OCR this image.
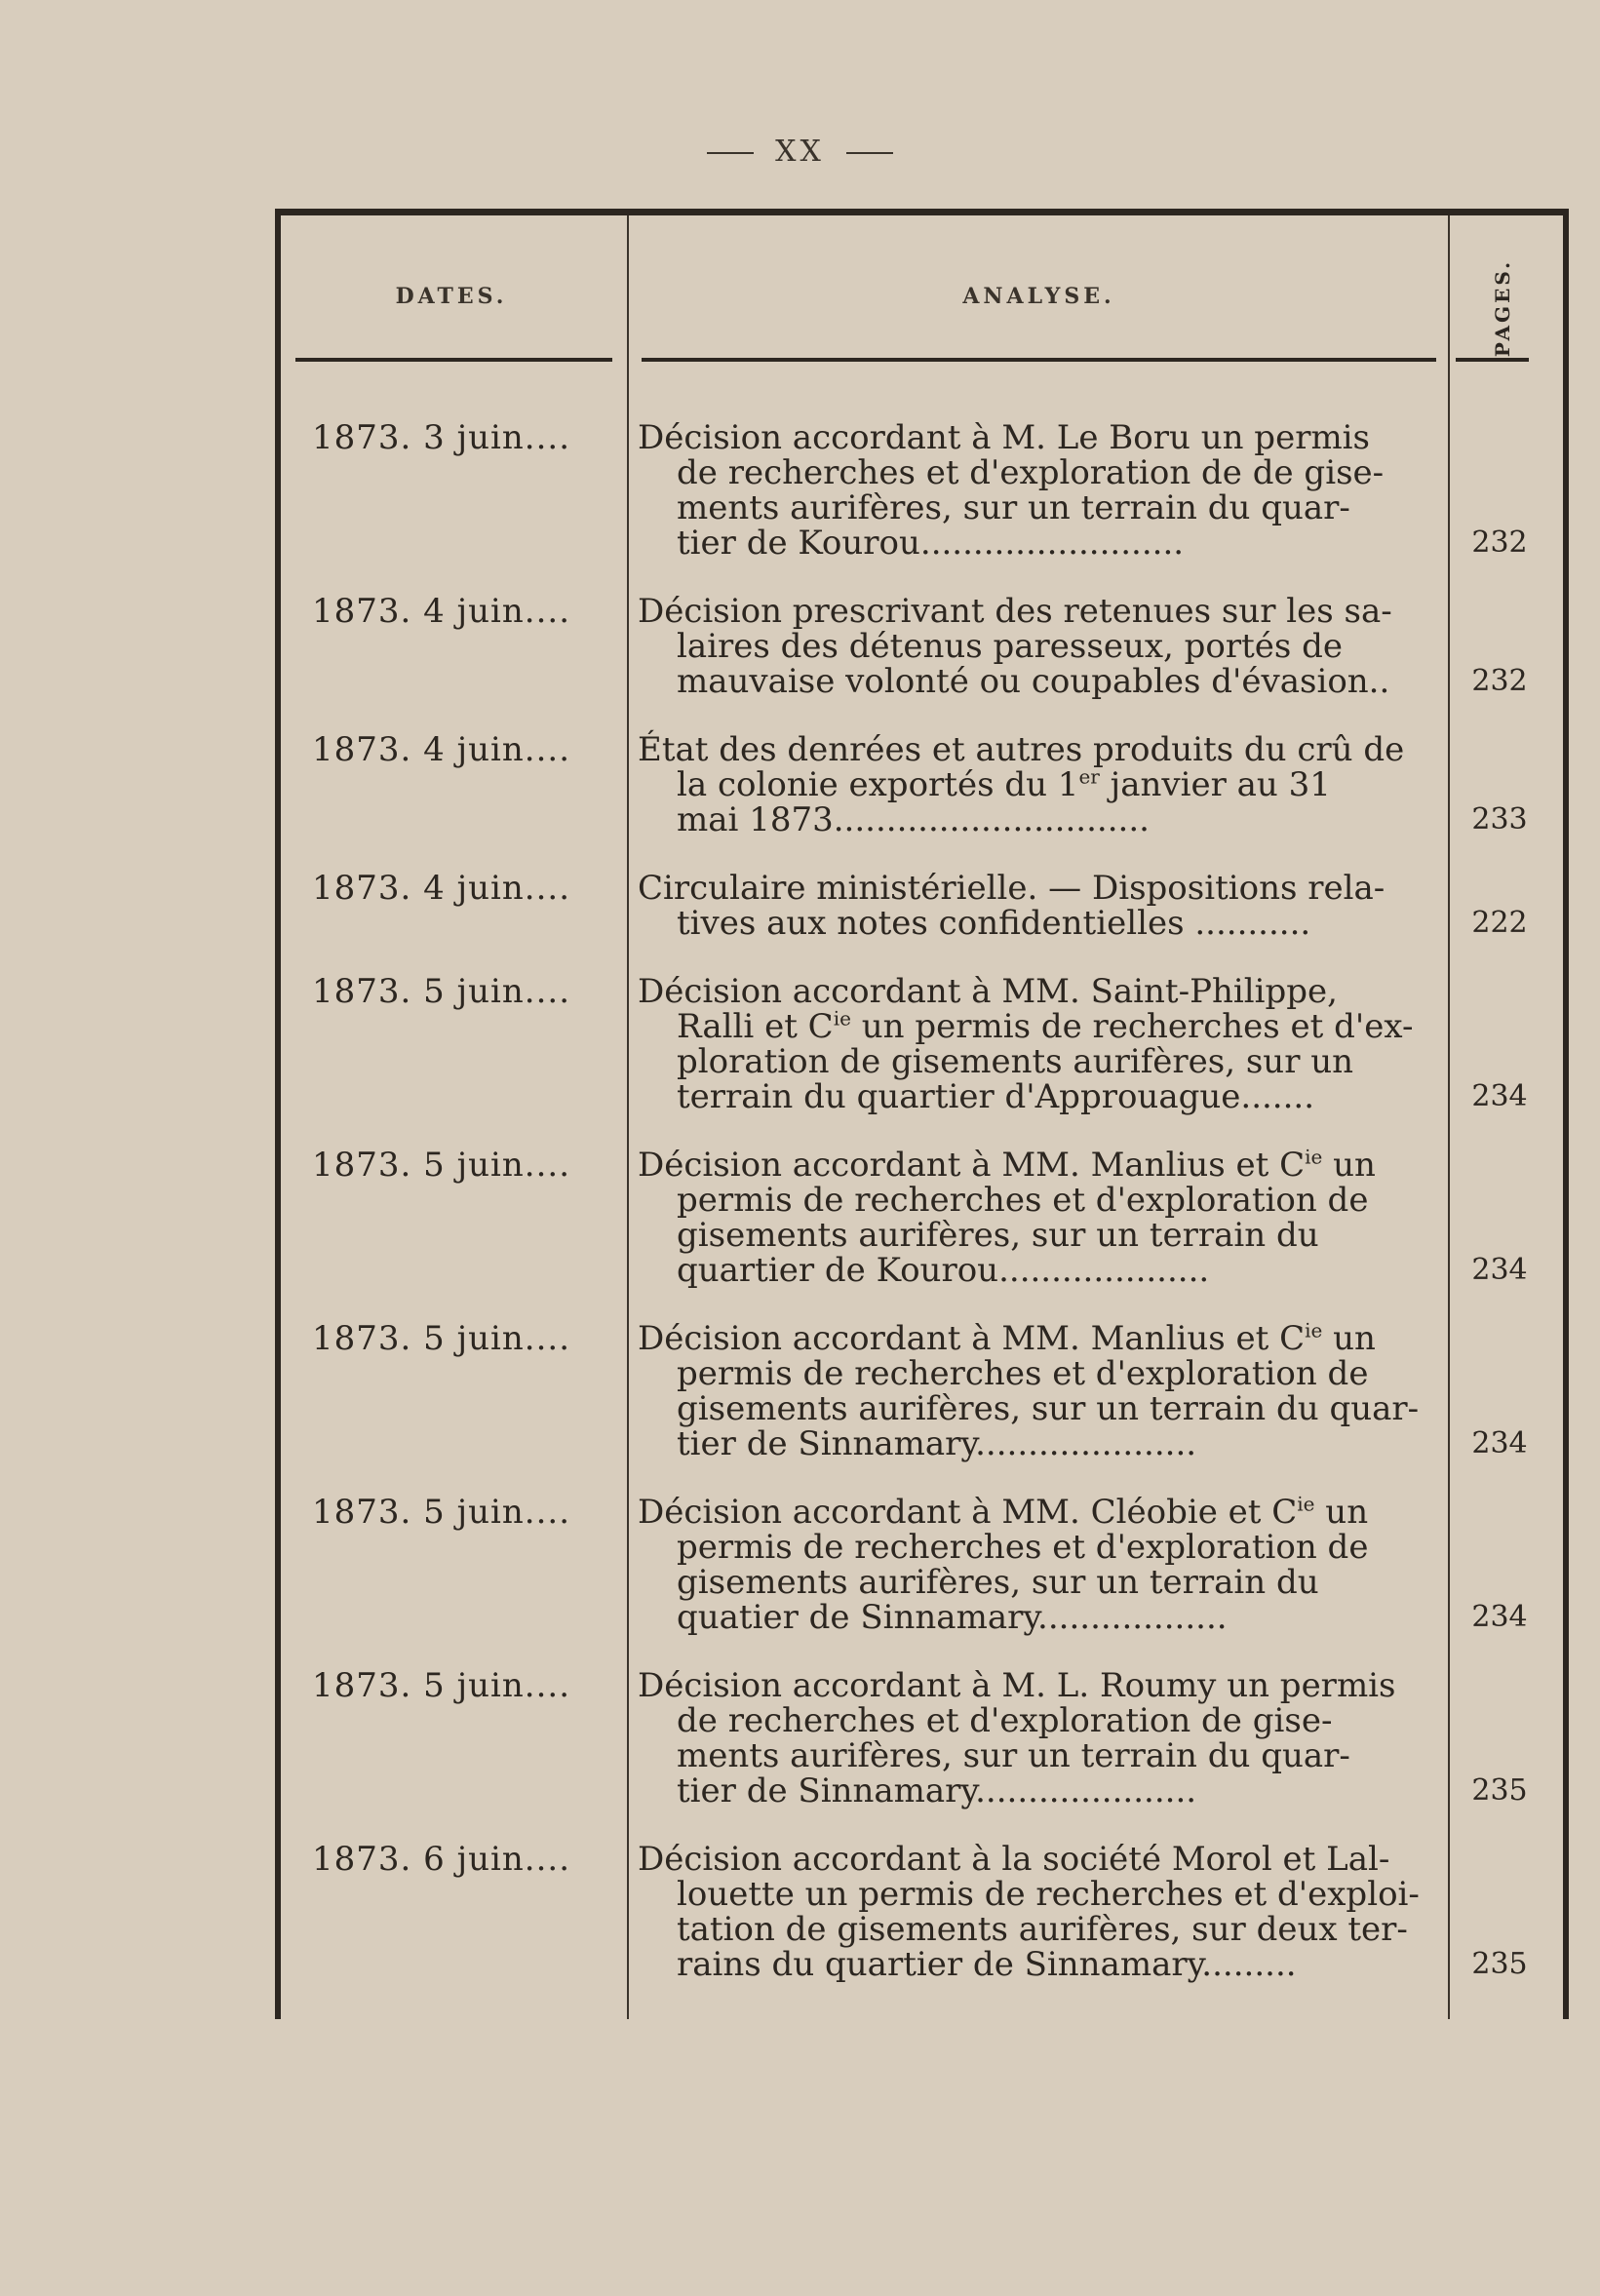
XX
DATES.	ANALYSE.	PAGES.
1873. 3 juin....	Décision accordant à M. Le Boru un permis
de recherches et d'exploration de de gise-
ments aurifères, sur un terrain du quar-
tier de Kourou.........................	232
1873. 4 juin....	Décision prescrivant des retenues sur les sa-
laires des détenus paresseux, portés de
mauvaise volonté ou coupables d'évasion..	232
1873. 4 juin....	État des denrées et autres produits du crû de
la colonie exportés du 1er janvier au 31
mai 1873..............................	233
1873. 4 juin....	Circulaire ministérielle. — Dispositions rela-
tives aux notes confidentielles ...........	222
1873. 5 juin....	Décision accordant à MM. Saint-Philippe,
Ralli et $C^{ie}$ un permis de recherches et d'ex-
ploration de gisements aurifères, sur un
terrain du quartier d'Approuague.......	234
1873. 5 juin....	Décision accordant à MM. Manlius et $C^{ie}$ un
permis de recherches et d'exploration de
gisements aurifères, sur un terrain du
quartier de Kourou....................	234
1873. 5 juin....	Décision accordant à MM. Manlius et $C^{ie}$ un
permis de recherches et d'exploration de
gisements aurifères, sur un terrain du quar-
tier de Sinnamary.....................	234
1873. 5 juin....	Décision accordant à MM. Cléobie et $C^{ie}$ un
permis de recherches et d'exploration de
gisements aurifères, sur un terrain du
quatier de Sinnamary..................	234
1873. 5 juin....	Décision accordant à M. L. Roumy un permis
de recherches et d'exploration de gise-
ments aurifères, sur un terrain du quar-
tier de Sinnamary.....................	235
1873. 6 juin....	Décision accordant à la société Morol et Lal-
louette un permis de recherches et d'exploi-
tation de gisements aurifères, sur deux ter-
rains du quartier de Sinnamary.........	235
